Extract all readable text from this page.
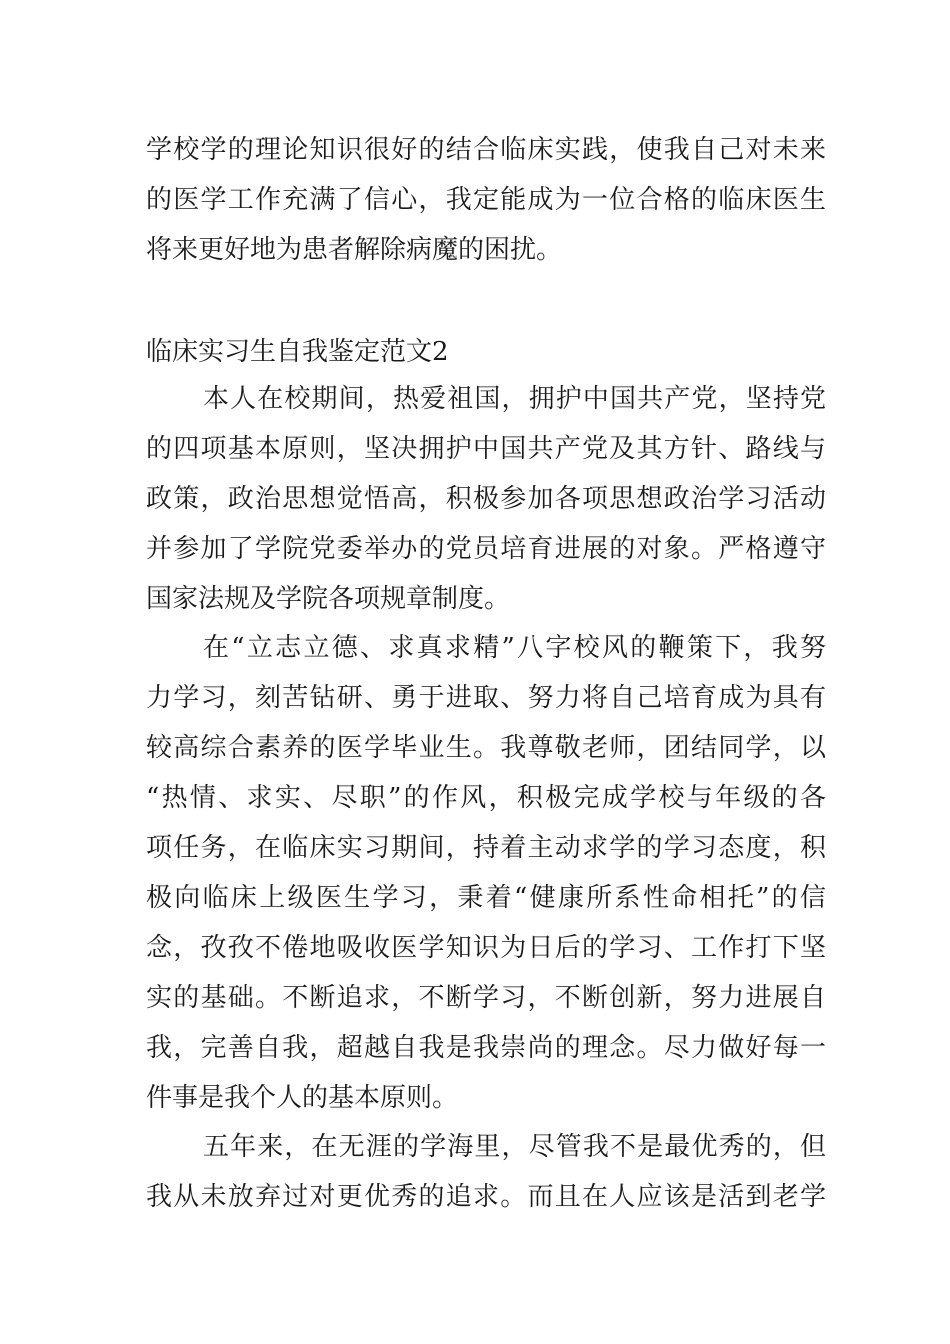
学校学的理论知识很好的结合临床实践，使我自己对未来
的医学工作充满了信心，我定能成为一位合格的临床医生
将来更好地为患者解除病魔的困扰。
临床实习生自我鉴定范文2
本人在校期间，热爱祖国，拥护中国共产党，坚持党
的四项基本原则，坚决拥护中国共产党及其方针、路线与
政策，政治思想觉悟高，积极参加各项思想政治学习活动
并参加了学院党委举办的党员培育进展的对象。严格遵守
国家法规及学院各项规章制度。
在“立志立德、求真求精”八字校风的鞭策下，我努
力学习，刻苦钻研、勇于进取、努力将自己培育成为具有
较高综合素养的医学毕业生。我尊敬老师，团结同学，以
“热情、求实、尽职”的作风，积极完成学校与年级的各
项任务，在临床实习期间，持着主动求学的学习态度，积
极向临床上级医生学习，秉着“健康所系性命相托”的信
念，孜孜不倦地吸收医学知识为日后的学习、工作打下坚
实的基础。不断追求，不断学习，不断创新，努力进展自
我，完善自我，超越自我是我崇尚的理念。尽力做好每一
件事是我个人的基本原则。
五年来，在无涯的学海里，尽管我不是最优秀的，但
我从未放弃过对更优秀的追求。而且在人应该是活到老学
